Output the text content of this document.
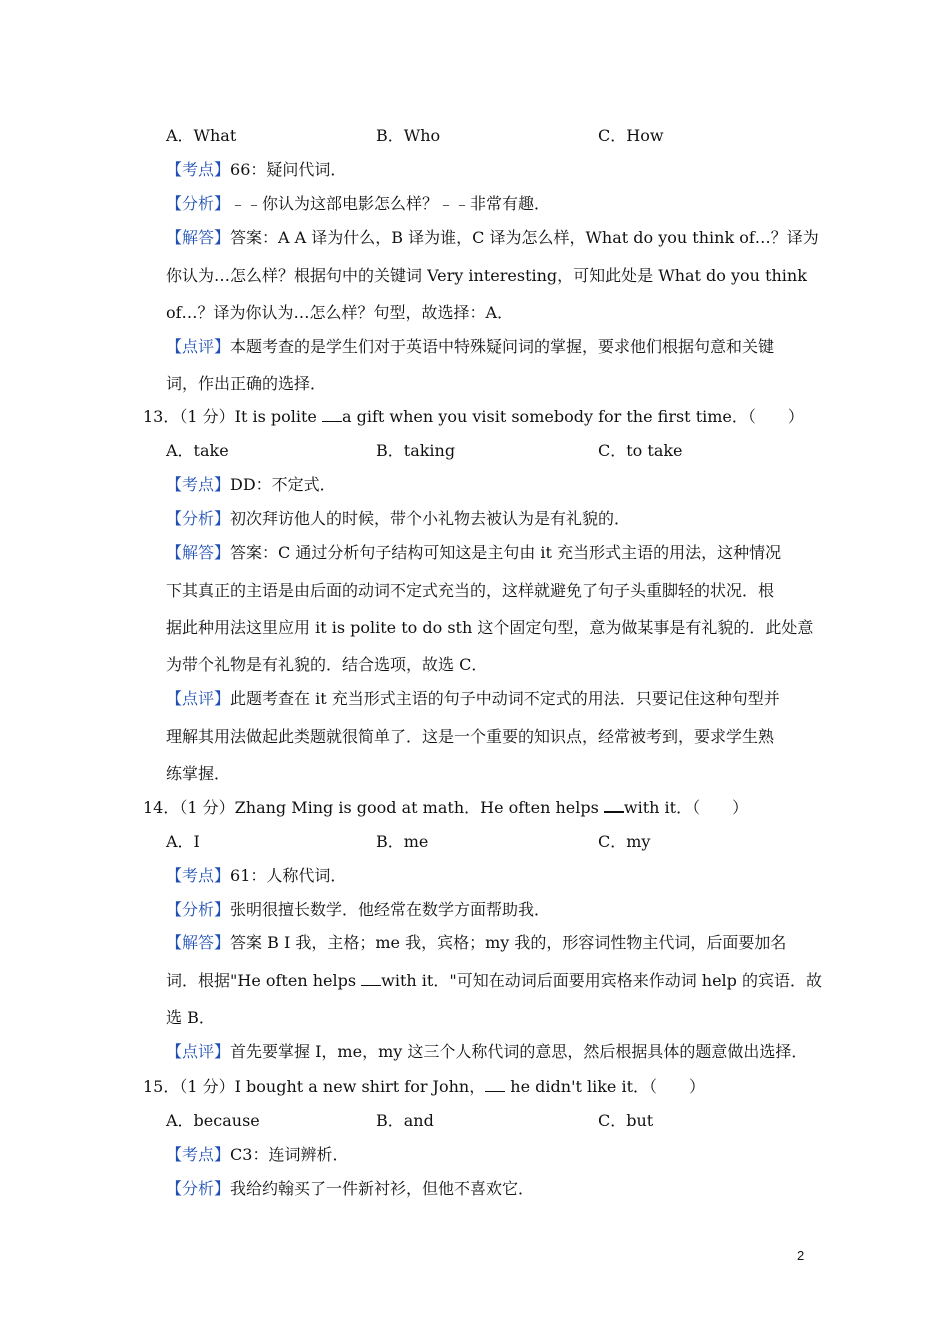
A．What	B．Who	C．How
【考点】66：疑问代词．
【分析】﹣﹣你认为这部电影怎么样？﹣﹣非常有趣．
【解答】答案：A A 译为什么，B 译为谁，C 译为怎么样，What do you think of…？译为
你认为…怎么样？根据句中的关键词 Very interesting，可知此处是 What do you think
of…？译为你认为…怎么样？句型，故选择：A．
【点评】本题考查的是学生们对于英语中特殊疑问词的掌握，要求他们根据句意和关键
词，作出正确的选择．
13．（1 分）It is polite a gift when you visit somebody for the first time．（　　）
A．take	B．taking	C．to take
【考点】DD：不定式．
【分析】初次拜访他人的时候，带个小礼物去被认为是有礼貌的．
【解答】答案：C 通过分析句子结构可知这是主句由 it 充当形式主语的用法，这种情况
下其真正的主语是由后面的动词不定式充当的，这样就避免了句子头重脚轻的状况．根
据此种用法这里应用 it is polite to do sth 这个固定句型，意为做某事是有礼貌的．此处意
为带个礼物是有礼貌的．结合选项，故选 C．
【点评】此题考查在 it 充当形式主语的句子中动词不定式的用法．只要记住这种句型并
理解其用法做起此类题就很简单了．这是一个重要的知识点，经常被考到，要求学生熟
练掌握．
14．（1 分）Zhang Ming is good at math．He often helps with it．（　　）
A．I	B．me	C．my
【考点】61：人称代词．
【分析】张明很擅长数学．他经常在数学方面帮助我．
【解答】答案 B I 我，主格；me 我，宾格；my 我的，形容词性物主代词，后面要加名
词．根据"He often helps with it．"可知在动词后面要用宾格来作动词 help 的宾语．故
选 B．
【点评】首先要掌握 I，me，my 这三个人称代词的意思，然后根据具体的题意做出选择．
15．（1 分）I bought a new shirt for John， he didn't like it．（　　）
A．because	B．and	C．but
【考点】C3：连词辨析．
【分析】我给约翰买了一件新衬衫，但他不喜欢它．
2
